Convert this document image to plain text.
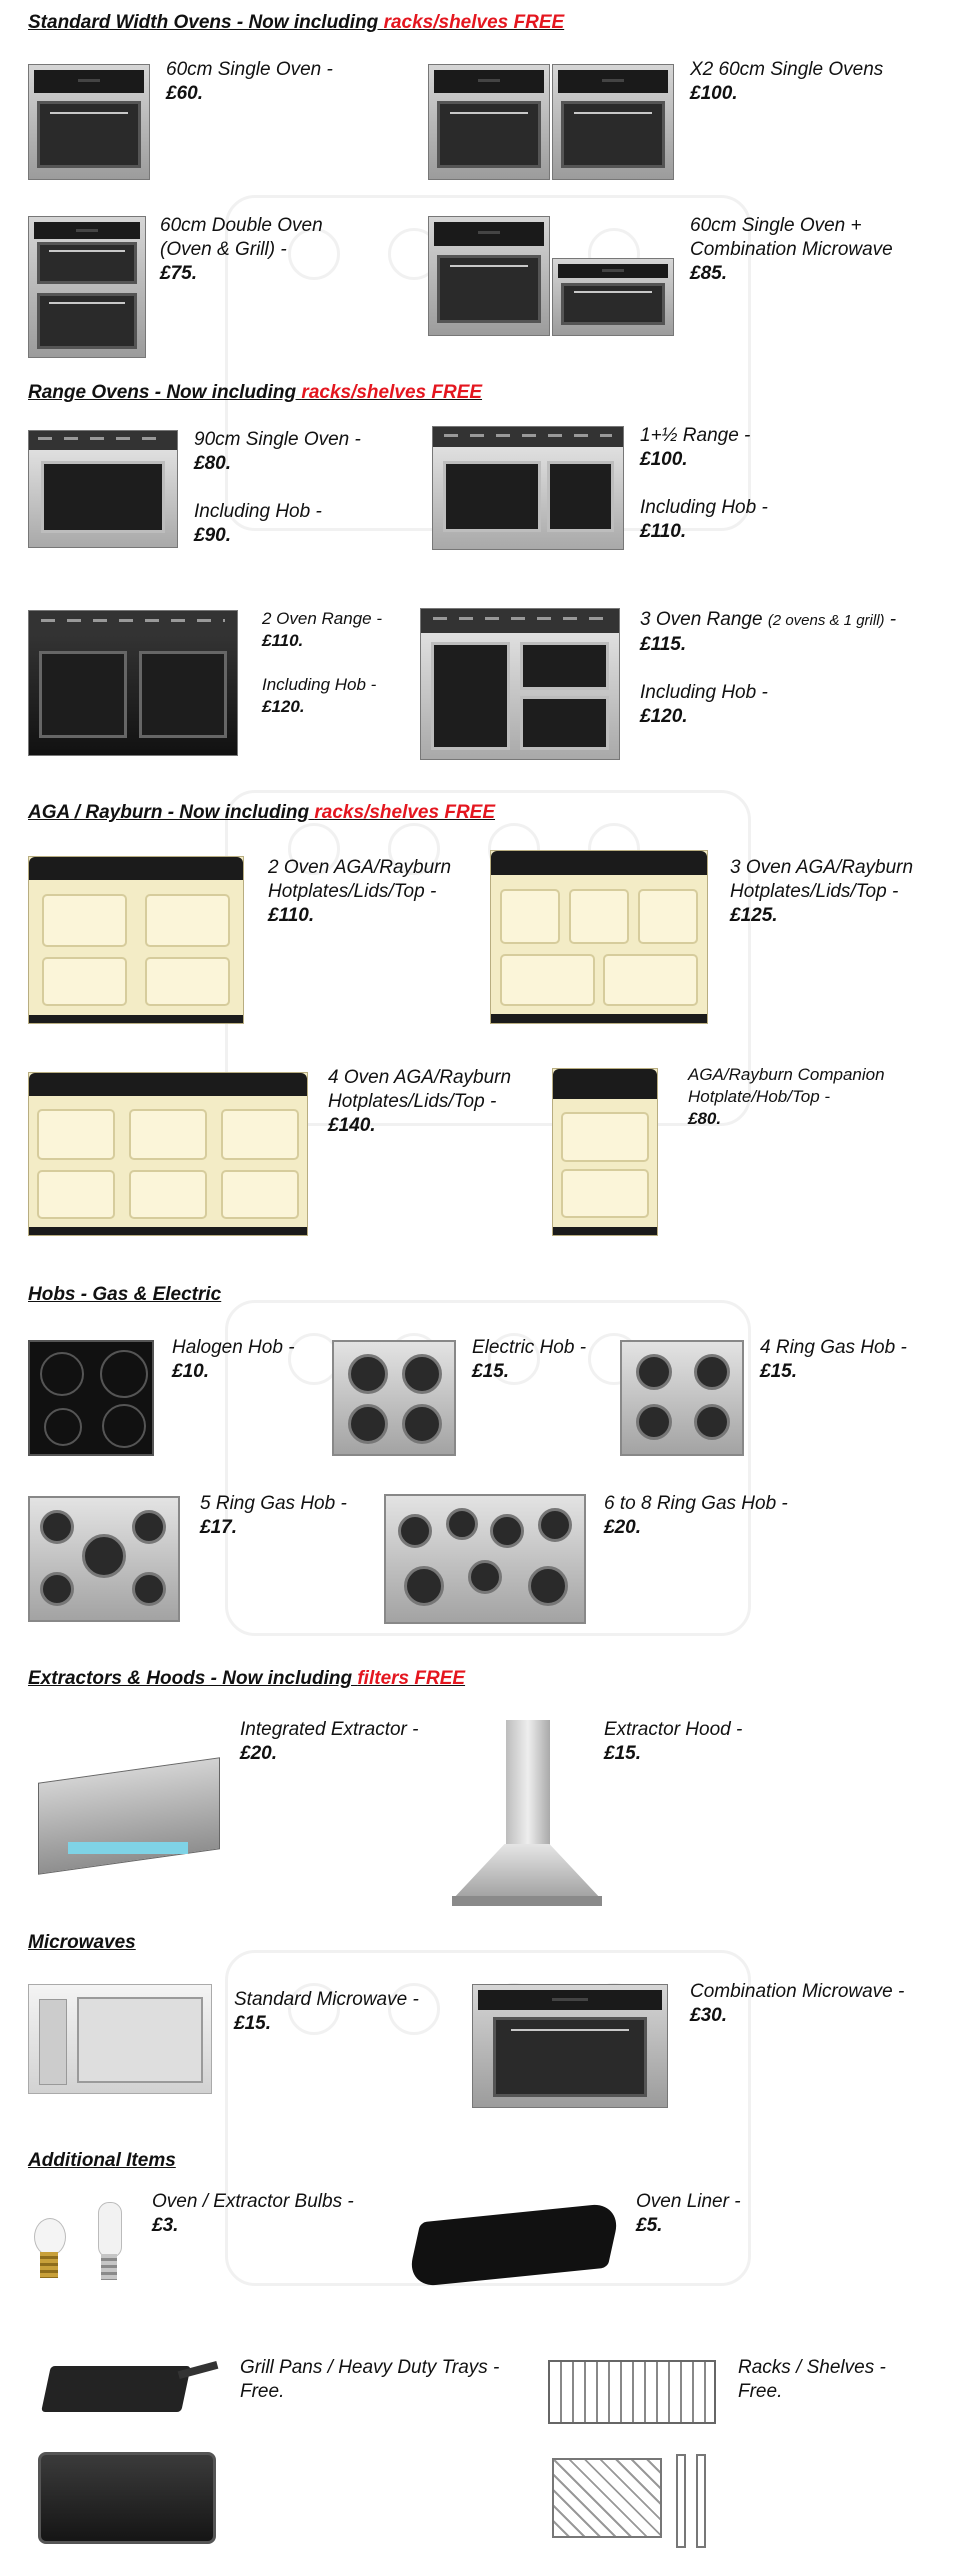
Standard Width Ovens - Now including racks/shelves FREE
60cm Single Oven -
£60.
X2 60cm Single Ovens
£100.
60cm Double Oven
(Oven & Grill) -
£75.
60cm Single Oven +
Combination Microwave
£85.
Range Ovens - Now including racks/shelves FREE
90cm Single Oven -
£80.

Including Hob -
£90.
1+½ Range -
£100.

Including Hob -
£110.
2 Oven Range -
£110.

Including Hob -
£120.
3 Oven Range (2 ovens & 1 grill) -
£115.

Including Hob -
£120.
AGA / Rayburn - Now including racks/shelves FREE
2 Oven AGA/Rayburn
Hotplates/Lids/Top -
£110.
3 Oven AGA/Rayburn
Hotplates/Lids/Top -
£125.
4 Oven AGA/Rayburn
Hotplates/Lids/Top -
£140.
AGA/Rayburn Companion
Hotplate/Hob/Top -
£80.
Hobs - Gas & Electric
Halogen Hob -
£10.
Electric Hob -
£15.
4 Ring Gas Hob -
£15.
5 Ring Gas Hob -
£17.
6 to 8 Ring Gas Hob -
£20.
Extractors & Hoods - Now including filters FREE
Integrated Extractor -
£20.
Extractor Hood -
£15.
Microwaves
Standard Microwave -
£15.
Combination Microwave -
£30.
Additional Items
Oven / Extractor Bulbs -
£3.
Oven Liner -
£5.
Grill Pans / Heavy Duty Trays -
Free.
Racks / Shelves -
Free.
